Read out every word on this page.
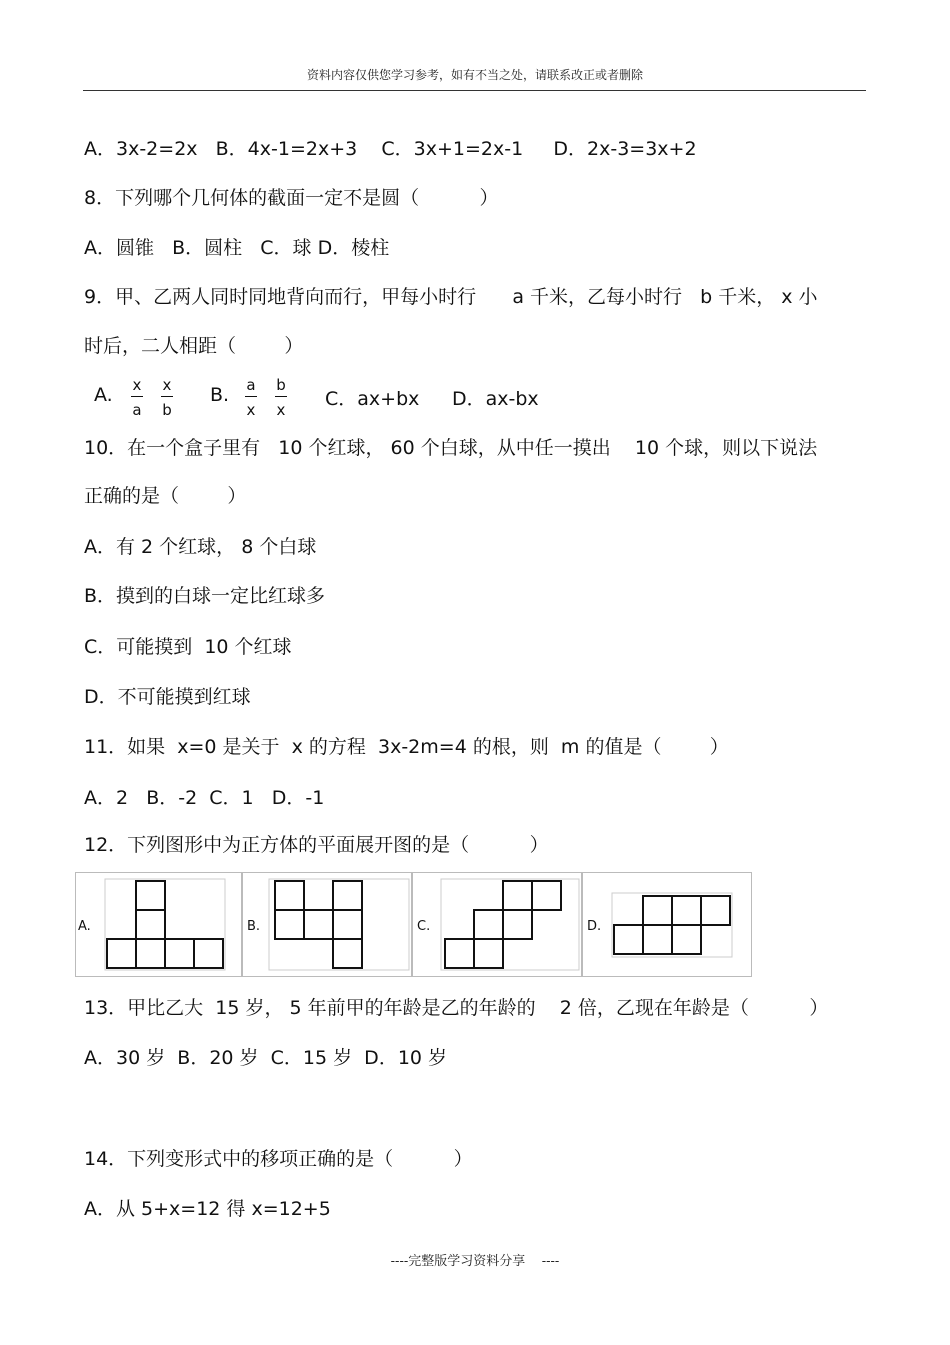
资料内容仅供您学习参考，如有不当之处，请联系改正或者删除
A．3x-2=2x   B．4x-1=2x+3    C．3x+1=2x-1     D．2x-3=3x+2
8．下列哪个几何体的截面一定不是圆（          ）
A．圆锥   B．圆柱   C．球 D．棱柱
9．甲、乙两人同时同地背向而行，甲每小时行      a 千米，乙每小时行   b 千米， x 小
时后，二人相距（        ）
A. x
a
x
b
B. a
x
b
x C．ax+bx D．ax-bx
10．在一个盒子里有   10 个红球， 60 个白球，从中任一摸出    10 个球，则以下说法
正确的是（        ）
A．有 2 个红球， 8 个白球
B．摸到的白球一定比红球多
C．可能摸到  10 个红球
D．不可能摸到红球
11．如果  x=0 是关于  x 的方程  3x-2m=4 的根，则  m 的值是（        ）
A．2   B．-2  C．1   D．-1
12．下列图形中为正方体的平面展开图的是（          ）
A.	B.	C.	D.
13．甲比乙大  15 岁， 5 年前甲的年龄是乙的年龄的    2 倍，乙现在年龄是（          ）
A．30 岁  B．20 岁  C．15 岁  D．10 岁
14．下列变形式中的移项正确的是（          ）
A．从 5+x=12 得 x=12+5
----完整版学习资料分享    ----
